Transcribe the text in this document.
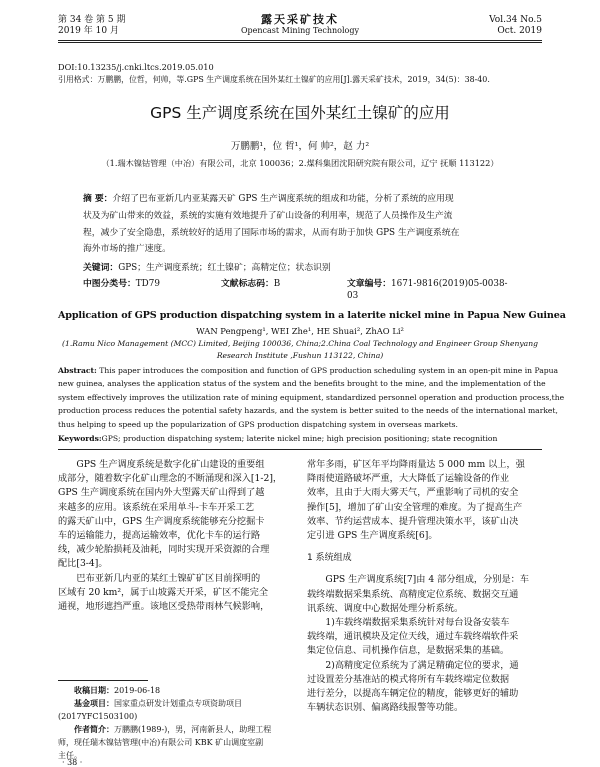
第 34 卷 第 5 期
2019 年 10 月
露天采矿技术
Opencast Mining Technology
Vol.34 No.5
Oct. 2019
DOI:10.13235/j.cnki.ltcs.2019.05.010
引用格式：万鹏鹏，位哲，何帅，等.GPS 生产调度系统在国外某红土镍矿的应用[J].露天采矿技术，2019，34(5)：38-40.
GPS 生产调度系统在国外某红土镍矿的应用
万鹏鹏¹，位 哲¹，何 帅²，赵 力²
（1.瑞木镍钴管理（中冶）有限公司，北京 100036；2.煤科集团沈阳研究院有限公司，辽宁 抚顺 113122）
摘 要：介绍了巴布亚新几内亚某露天矿 GPS 生产调度系统的组成和功能，分析了系统的应用现
状及为矿山带来的效益，系统的实施有效地提升了矿山设备的利用率，规范了人员操作及生产流
程，减少了安全隐患，系统较好的适用了国际市场的需求，从而有助于加快 GPS 生产调度系统在
海外市场的推广速度。
关键词：GPS；生产调度系统；红土镍矿；高精定位；状态识别
中图分类号：TD79	文献标志码：B	文章编号：1671-9816(2019)05-0038-03
Application of GPS production dispatching system in a laterite nickel mine in Papua New Guinea
WAN Pengpeng¹, WEI Zhe¹, HE Shuai², ZhAO Li²
(1.Ramu Nico Management (MCC) Limited, Beijing 100036, China;2.China Coal Technology and Engineer Group Shenyang
Research Institute ,Fushun 113122, China)
Abstract: This paper introduces the composition and function of GPS production scheduling system in an open-pit mine in Papua
new guinea, analyses the application status of the system and the benefits brought to the mine, and the implementation of the
system effectively improves the utilization rate of mining equipment, standardized personnel operation and production process,the
production process reduces the potential safety hazards, and the system is better suited to the needs of the international market,
thus helping to speed up the popularization of GPS production dispatching system in overseas markets.
Keywords:GPS; production dispatching system; laterite nickel mine; high precision positioning; state recognition
GPS 生产调度系统是数字化矿山建设的重要组
成部分，随着数字化矿山理念的不断涌现和深入[1-2]，
GPS 生产调度系统在国内外大型露天矿山得到了越
来越多的应用。该系统在采用单斗-卡车开采工艺
的露天矿山中，GPS 生产调度系统能够充分挖掘卡
车的运输能力，提高运输效率，优化卡车的运行路
线，减少轮胎损耗及油耗，同时实现开采资源的合理
配比[3-4]。
巴布亚新几内亚的某红土镍矿矿区目前探明的
区域有 20 km²，属于山坡露天开采，矿区不能完全
通视，地形遮挡严重。该地区受热带雨林气候影响，
收稿日期：2019-06-18
基金项目：国家重点研发计划重点专项资助项目
(2017YFC1503100)
作者简介：万鹏鹏(1989-)，男，河南新县人，助理工程
师，现任瑞木镍钴管理(中冶)有限公司 KBK 矿山调度室副
主任。
· 38 ·
常年多雨，矿区年平均降雨量达 5 000 mm 以上，强
降雨使道路破坏严重，大大降低了运输设备的作业
效率，且由于大雨大雾天气，严重影响了司机的安全
操作[5]，增加了矿山安全管理的难度。为了提高生产
效率、节约运营成本、提升管理决策水平，该矿山决
定引进 GPS 生产调度系统[6]。
1 系统组成
GPS 生产调度系统[7]由 4 部分组成，分别是：车
载终端数据采集系统、高精度定位系统、数据交互通
讯系统、调度中心数据处理分析系统。
1)车载终端数据采集系统针对每台设备安装车
载终端，通讯模块及定位天线，通过车载终端软件采
集定位信息、司机操作信息，是数据采集的基础。
2)高精度定位系统为了满足精确定位的要求，通
过设置差分基准站的模式将所有车载终端定位数据
进行差分，以提高车辆定位的精度，能够更好的辅助
车辆状态识别、偏离路线报警等功能。
